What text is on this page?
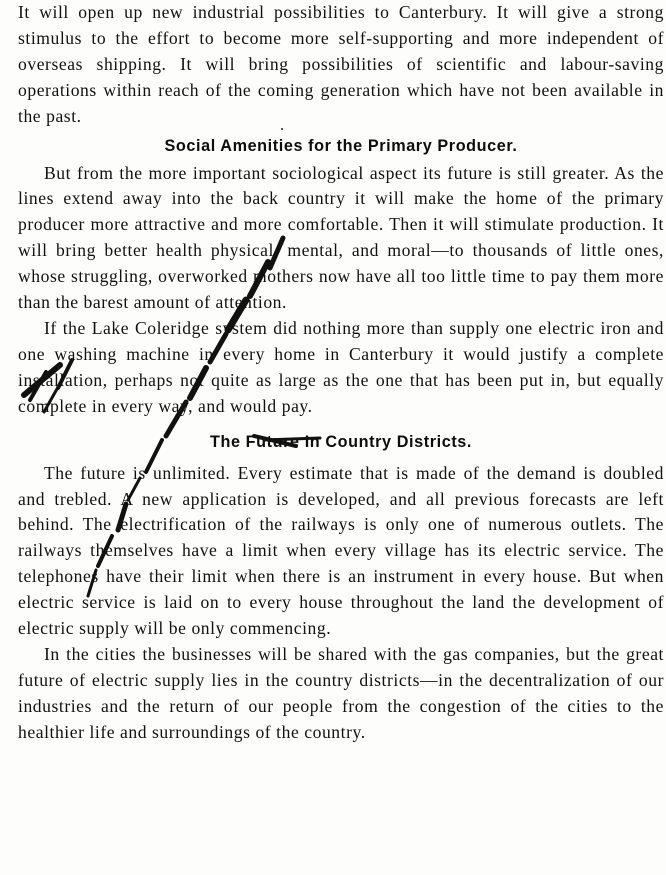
It will open up new industrial possibilities to Canterbury. It will give a strong stimulus to the effort to become more self-supporting and more independent of overseas shipping. It will bring possibilities of scientific and labour-saving operations within reach of the coming generation which have not been available in the past.

Social Amenities for the Primary Producer.

But from the more important sociological aspect its future is still greater. As the lines extend away into the back country it will make the home of the primary producer more attractive and more comfortable. Then it will stimulate production. It will bring better health physical, mental, and moral—to thousands of little ones, whose struggling, overworked mothers now have all too little time to pay them more than the barest amount of attention.

If the Lake Coleridge system did nothing more than supply one electric iron and one washing machine in every home in Canterbury it would justify a complete installation, perhaps not quite as large as the one that has been put in, but equally complete in every way, and would pay.

The Future In Country Districts.

The future is unlimited. Every estimate that is made of the demand is doubled and trebled. A new application is developed, and all previous forecasts are left behind. The electrification of the railways is only one of numerous outlets. The railways themselves have a limit when every village has its electric service. The telephones have their limit when there is an instrument in every house. But when electric service is laid on to every house throughout the land the development of electric supply will be only commencing.

In the cities the businesses will be shared with the gas companies, but the great future of electric supply lies in the country districts—in the decentralization of our industries and the return of our people from the congestion of the cities to the healthier life and surroundings of the country.
